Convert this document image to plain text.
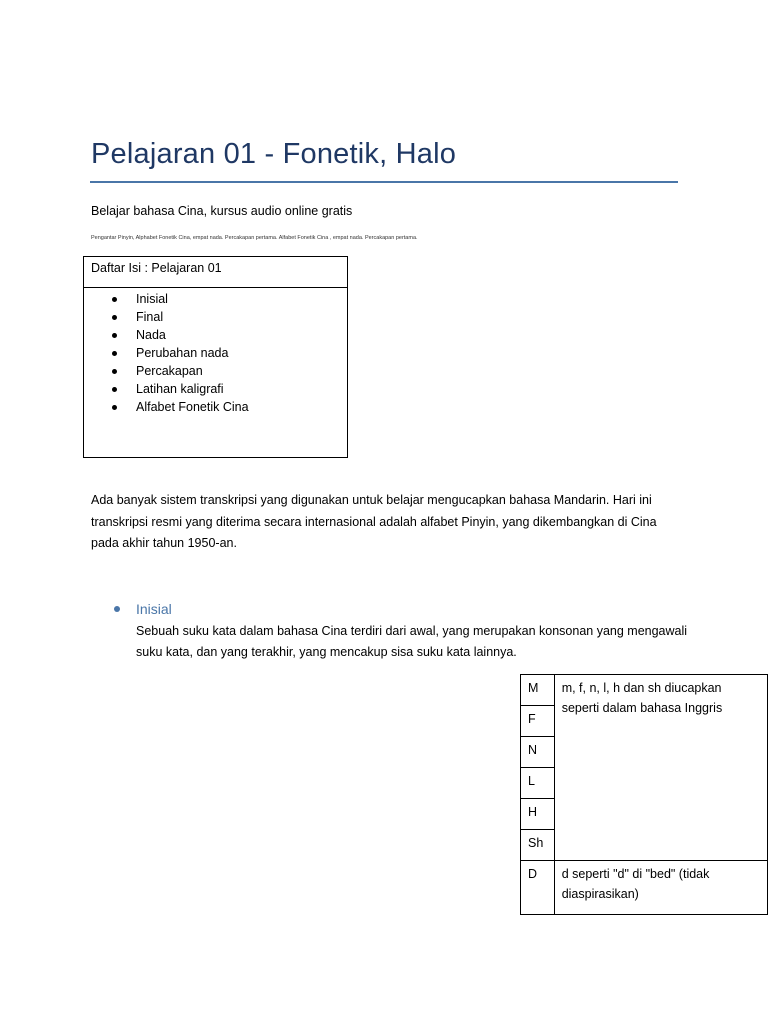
Pelajaran 01 - Fonetik, Halo
Belajar bahasa Cina, kursus audio online gratis
Pengantar Pinyin, Alphabet Fonetik Cina, empat nada. Percakapan pertama. Alfabet Fonetik Cina , empat nada. Percakapan pertama.
Daftar Isi : Pelajaran 01
Inisial
Final
Nada
Perubahan nada
Percakapan
Latihan kaligrafi
Alfabet Fonetik Cina
Ada banyak sistem transkripsi yang digunakan untuk belajar mengucapkan bahasa Mandarin. Hari ini transkripsi resmi yang diterima secara internasional adalah alfabet Pinyin, yang dikembangkan di Cina pada akhir tahun 1950-an.
Inisial
Sebuah suku kata dalam bahasa Cina terdiri dari awal, yang merupakan konsonan yang mengawali suku kata, dan yang terakhir, yang mencakup sisa suku kata lainnya.
M	m, f, n, l, h dan sh diucapkan seperti dalam bahasa Inggris
F	
N	
L	
H	
Sh	
D	d seperti "d" di "bed" (tidak diaspirasikan)
